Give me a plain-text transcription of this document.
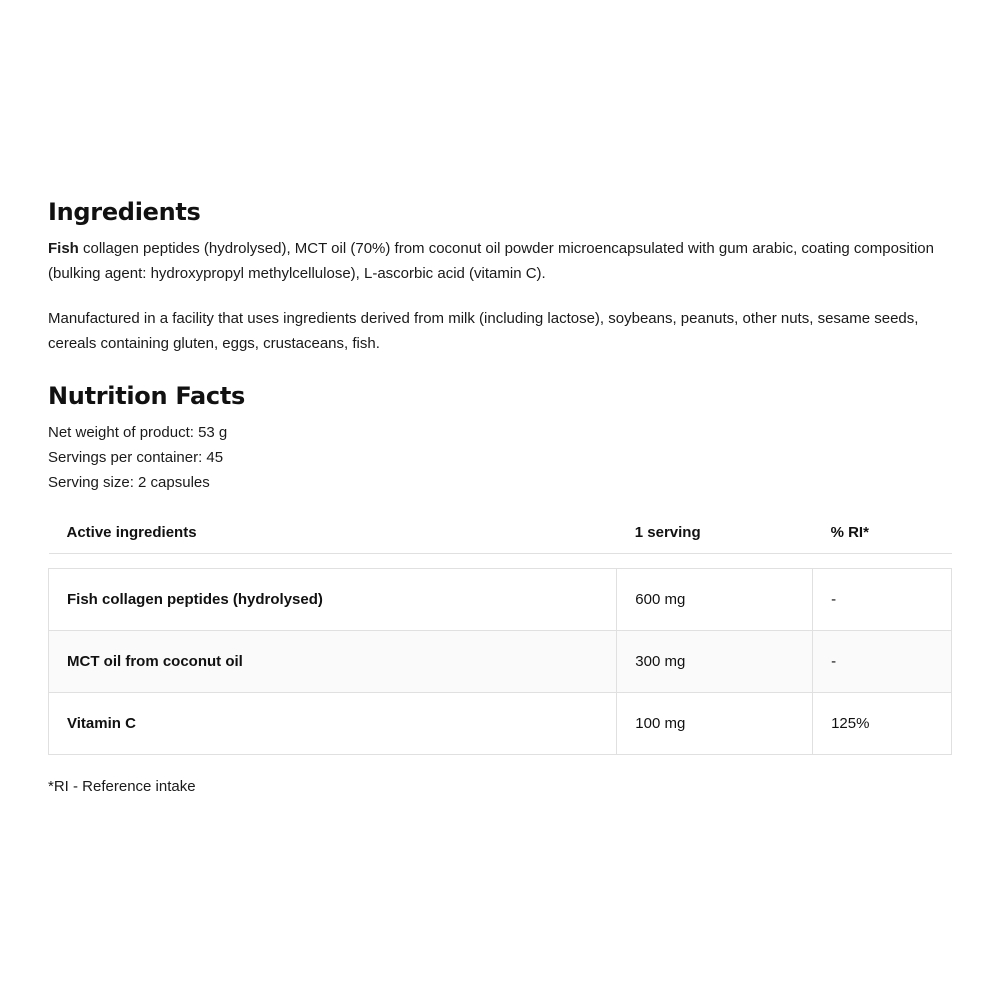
Ingredients

Fish collagen peptides (hydrolysed), MCT oil (70%) from coconut oil powder microencapsulated with gum arabic, coating composition (bulking agent: hydroxypropyl methylcellulose), L-ascorbic acid (vitamin C).

Manufactured in a facility that uses ingredients derived from milk (including lactose), soybeans, peanuts, other nuts, sesame seeds, cereals containing gluten, eggs, crustaceans, fish.

Nutrition Facts
Net weight of product: 53 g
Servings per container: 45
Serving size: 2 capsules
Active ingredients	1 serving	% RI*

Fish collagen peptides (hydrolysed)	600 mg	-
MCT oil from coconut oil	300 mg	-
Vitamin C	100 mg	125%
*RI - Reference intake
